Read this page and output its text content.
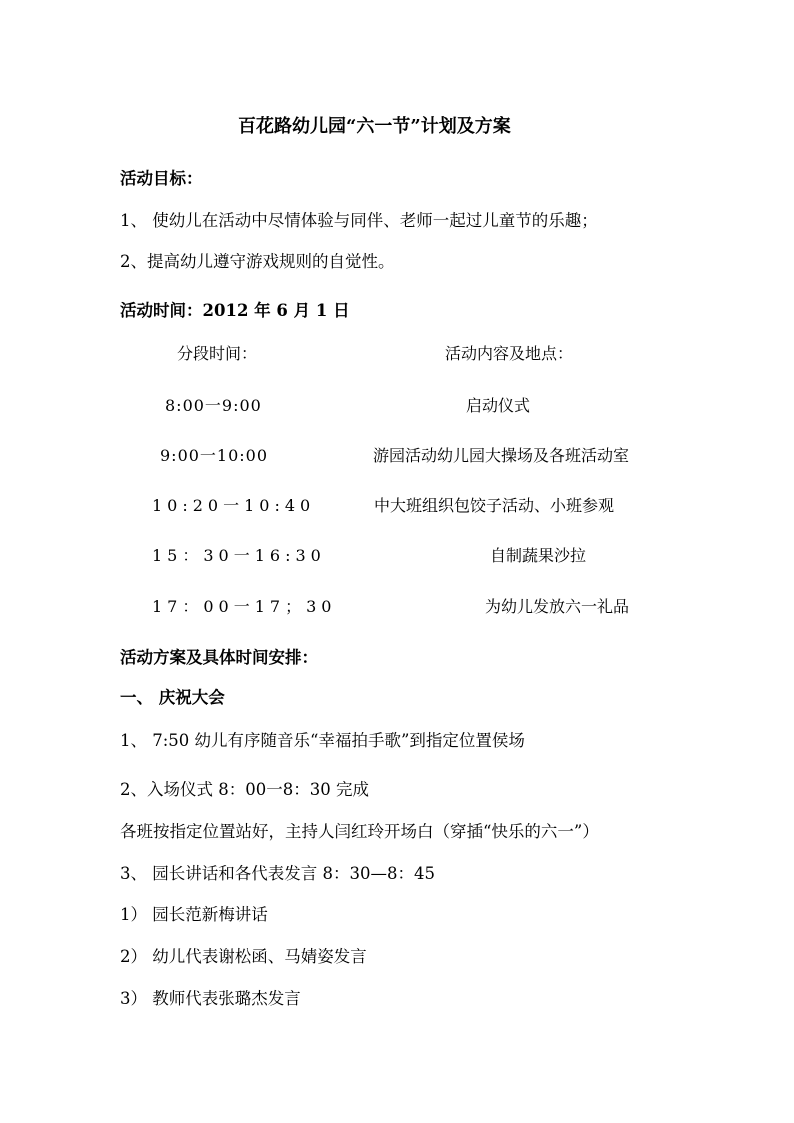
百花路幼儿园“六一节”计划及方案
活动目标：
1、 使幼儿在活动中尽情体验与同伴、老师一起过儿童节的乐趣；
2、提高幼儿遵守游戏规则的自觉性。
活动时间：2012 年 6 月 1 日
分段时间：	活动内容及地点：
8:00一9:00	启动仪式
9:00一10:00	游园活动幼儿园大操场及各班活动室
10:20一10:40	中大班组织包饺子活动、小班参观
15：30一16:30	自制蔬果沙拉
17：00一17；30	为幼儿发放六一礼品
活动方案及具体时间安排：
一、 庆祝大会
1、 7:50 幼儿有序随音乐“幸福拍手歌”到指定位置侯场
2、入场仪式 8：00一8：30 完成
各班按指定位置站好，主持人闫红玲开场白（穿插“快乐的六一”）
3、 园长讲话和各代表发言 8：30—8：45
1） 园长范新梅讲话
2） 幼儿代表谢松函、马婧姿发言
3） 教师代表张璐杰发言
